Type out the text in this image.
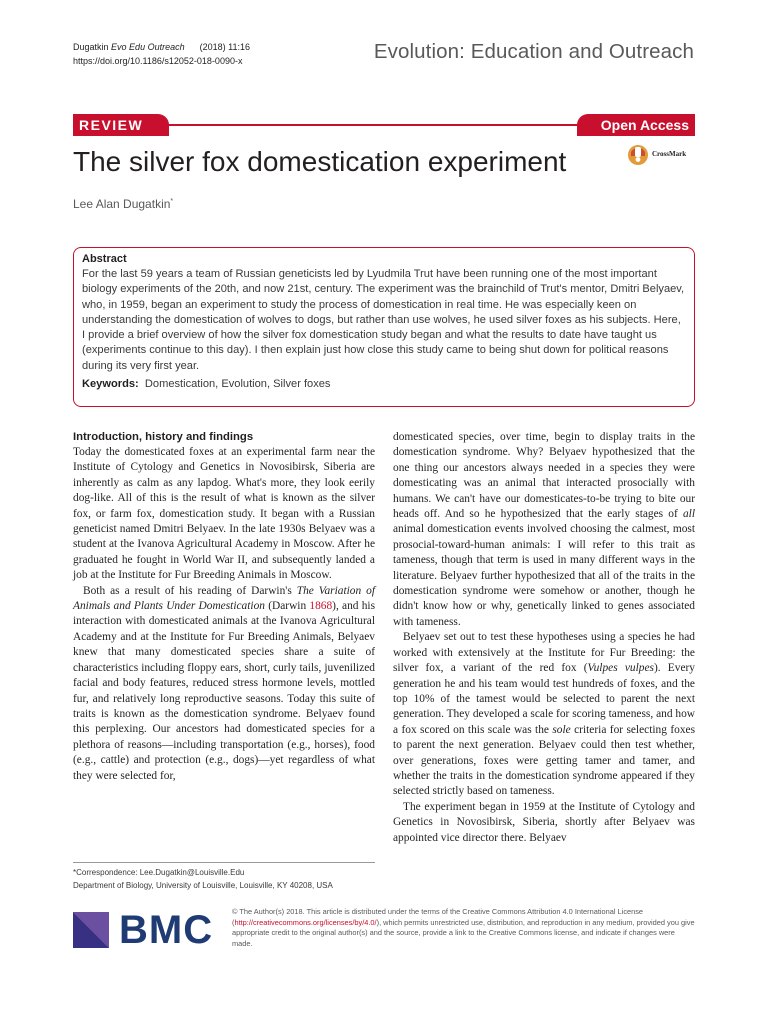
Dugatkin Evo Edu Outreach (2018) 11:16
https://doi.org/10.1186/s12052-018-0090-x	Evolution: Education and Outreach
REVIEW	Open Access
The silver fox domestication experiment	CrossMark
Lee Alan Dugatkin*
Abstract

For the last 59 years a team of Russian geneticists led by Lyudmila Trut have been running one of the most important biology experiments of the 20th, and now 21st, century. The experiment was the brainchild of Trut's mentor, Dmitri Belyaev, who, in 1959, began an experiment to study the process of domestication in real time. He was especially keen on understanding the domestication of wolves to dogs, but rather than use wolves, he used silver foxes as his subjects. Here, I provide a brief overview of how the silver fox domestication study began and what the results to date have taught us (experiments continue to this day). I then explain just how close this study came to being shut down for political reasons during its very first year.

Keywords: Domestication, Evolution, Silver foxes
Introduction, history and findings

Today the domesticated foxes at an experimental farm near the Institute of Cytology and Genetics in Novosibirsk, Siberia are inherently as calm as any lapdog. What's more, they look eerily dog-like. All of this is the result of what is known as the silver fox, or farm fox, domestication study. It began with a Russian geneticist named Dmitri Belyaev. In the late 1930s Belyaev was a student at the Ivanova Agricultural Academy in Moscow. After he graduated he fought in World War II, and subsequently landed a job at the Institute for Fur Breeding Animals in Moscow.

Both as a result of his reading of Darwin's The Variation of Animals and Plants Under Domestication (Darwin 1868), and his interaction with domesticated animals at the Ivanova Agricultural Academy and at the Institute for Fur Breeding Animals, Belyaev knew that many domesticated species share a suite of characteristics including floppy ears, short, curly tails, juvenilized facial and body features, reduced stress hormone levels, mottled fur, and relatively long reproductive seasons. Today this suite of traits is known as the domestication syndrome. Belyaev found this perplexing. Our ancestors had domesticated species for a plethora of reasons—including transportation (e.g., horses), food (e.g., cattle) and protection (e.g., dogs)—yet regardless of what they were selected for,

domesticated species, over time, begin to display traits in the domestication syndrome. Why? Belyaev hypothesized that the one thing our ancestors always needed in a species they were domesticating was an animal that interacted prosocially with humans. We can't have our domesticates-to-be trying to bite our heads off. And so he hypothesized that the early stages of all animal domestication events involved choosing the calmest, most prosocial-toward-human animals: I will refer to this trait as tameness, though that term is used in many different ways in the literature. Belyaev further hypothesized that all of the traits in the domestication syndrome were somehow or another, though he didn't know how or why, genetically linked to genes associated with tameness.

Belyaev set out to test these hypotheses using a species he had worked with extensively at the Institute for Fur Breeding: the silver fox, a variant of the red fox (Vulpes vulpes). Every generation he and his team would test hundreds of foxes, and the top 10% of the tamest would be selected to parent the next generation. They developed a scale for scoring tameness, and how a fox scored on this scale was the sole criteria for selecting foxes to parent the next generation. Belyaev could then test whether, over generations, foxes were getting tamer and tamer, and whether the traits in the domestication syndrome appeared if they selected strictly based on tameness.

The experiment began in 1959 at the Institute of Cytology and Genetics in Novosibirsk, Siberia, shortly after Belyaev was appointed vice director there. Belyaev

*Correspondence: Lee.Dugatkin@Louisville.Edu
Department of Biology, University of Louisville, Louisville, KY 40208, USA
BMC	© The Author(s) 2018. This article is distributed under the terms of the Creative Commons Attribution 4.0 International License (http://creativecommons.org/licenses/by/4.0/), which permits unrestricted use, distribution, and reproduction in any medium, provided you give appropriate credit to the original author(s) and the source, provide a link to the Creative Commons license, and indicate if changes were made.
